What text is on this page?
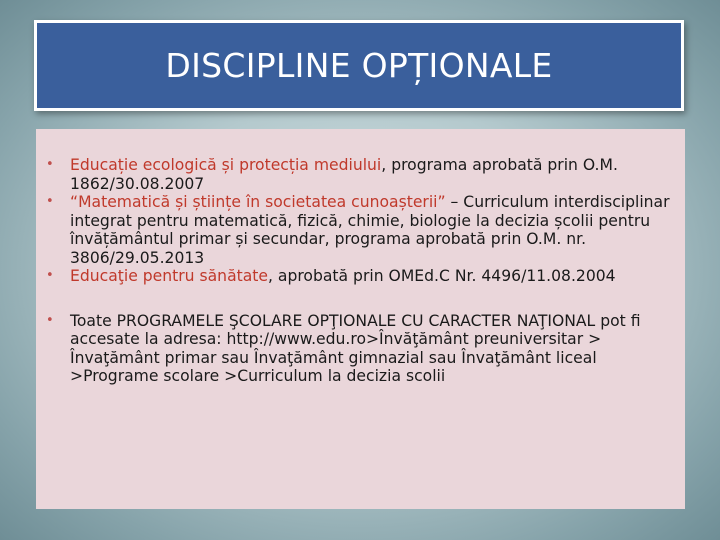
DISCIPLINE OPȚIONALE
• Educație ecologică și protecția mediului, programa aprobată prin O.M. 1862/30.08.2007
• “Matematică și științe în societatea cunoașterii” – Curriculum interdisciplinar integrat pentru matematică, fizică, chimie, biologie la decizia școlii pentru învățământul primar și secundar, programa aprobată prin O.M. nr. 3806/29.05.2013
• Educaţie pentru sănătate, aprobată prin OMEd.C Nr. 4496/11.08.2004
• Toate PROGRAMELE ŞCOLARE OPŢIONALE CU CARACTER NAŢIONAL pot fi accesate la adresa: http://www.edu.ro>Învăţământ preuniversitar > Învaţământ primar sau Învaţământ gimnazial sau Învaţământ liceal >Programe scolare >Curriculum la decizia scolii
